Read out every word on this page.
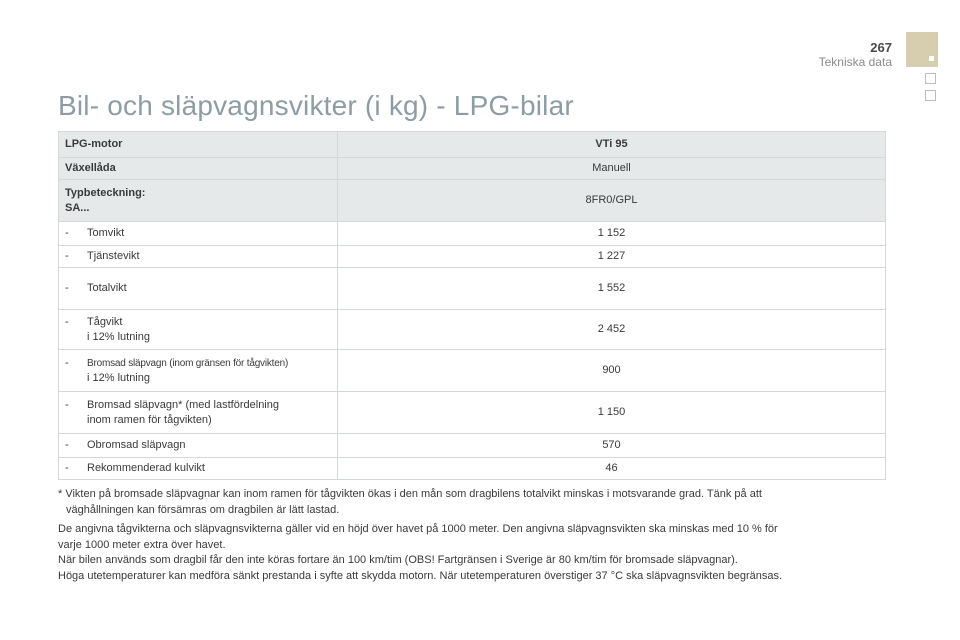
267
Tekniska data
Bil- och släpvagnsvikter (i kg) - LPG-bilar
LPG-motor	VTi 95
Växellåda	Manuell

Typbeteckning:
SA...	8FR0/GPL
- Tomvikt	1 152
- Tjänstevikt	1 227
- Totalvikt	1 552
- Tågvikt
i 12% lutning	2 452
- Bromsad släpvagn (inom gränsen för tågvikten)
i 12% lutning	900
- Bromsad släpvagn* (med lastfördelning
inom ramen för tågvikten)	1 150
- Obromsad släpvagn	570
- Rekommenderad kulvikt	46
* Vikten på bromsade släpvagnar kan inom ramen för tågvikten ökas i den mån som dragbilens totalvikt minskas i motsvarande grad. Tänk på att
väghållningen kan försämras om dragbilen är lätt lastad.
De angivna tågvikterna och släpvagnsvikterna gäller vid en höjd över havet på 1000 meter. Den angivna släpvagnsvikten ska minskas med 10 % för
varje 1000 meter extra över havet.
När bilen används som dragbil får den inte köras fortare än 100 km/tim (OBS! Fartgränsen i Sverige är 80 km/tim för bromsade släpvagnar).
Höga utetemperaturer kan medföra sänkt prestanda i syfte att skydda motorn. När utetemperaturen överstiger 37 °C ska släpvagnsvikten begränsas.
